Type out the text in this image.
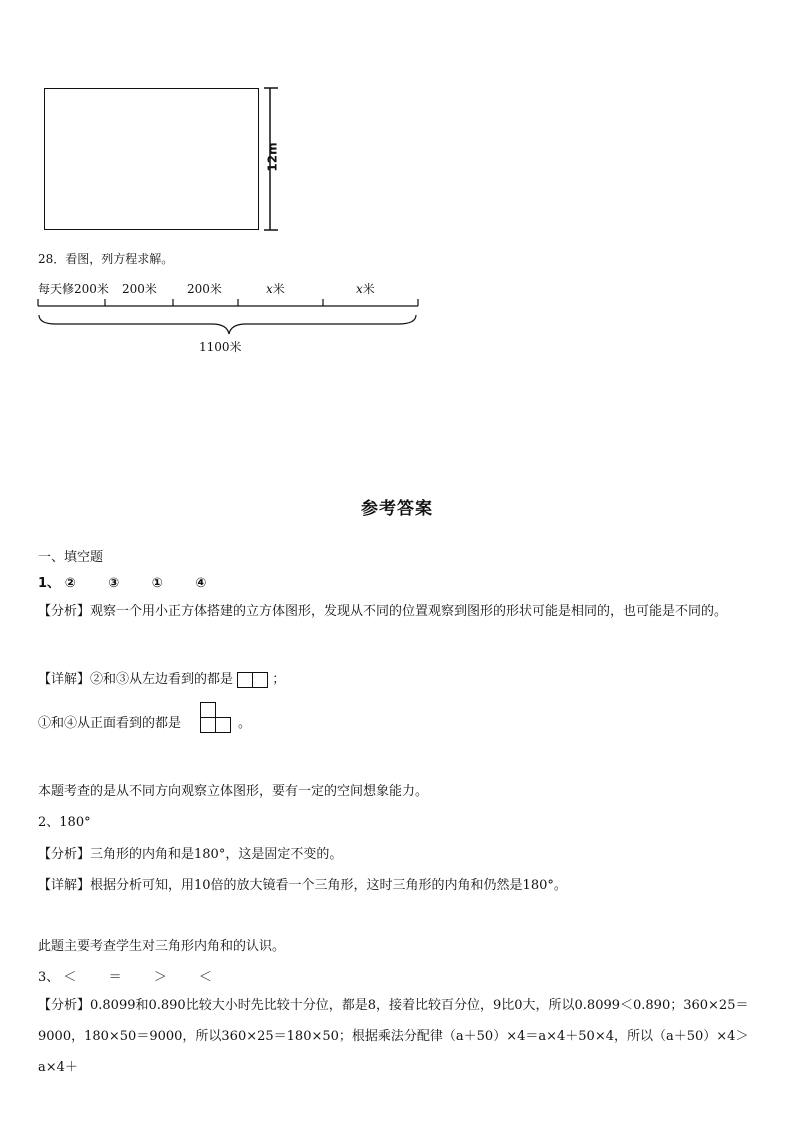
12m
28．看图，列方程求解。
每天修200米 200米	200米	x米	x米
1100米
参考答案
一、填空题
1、 ②	③	①	④
【分析】观察一个用小正方体搭建的立方体图形，发现从不同的位置观察到图形的形状可能是相同的，也可能是不同的。
【详解】②和③从左边看到的都是	；
①和④从正面看到的都是	。
本题考查的是从不同方向观察立体图形，要有一定的空间想象能力。
2、180°
【分析】三角形的内角和是180°，这是固定不变的。
【详解】根据分析可知，用10倍的放大镜看一个三角形，这时三角形的内角和仍然是180°。
此题主要考查学生对三角形内角和的认识。
3、 ＜ ＝ ＞ ＜
【分析】0.8099和0.890比较大小时先比较十分位，都是8，接着比较百分位，9比0大，所以0.8099＜0.890；360×25＝9000，180×50＝9000，所以360×25＝180×50；根据乘法分配律（a＋50）×4＝a×4＋50×4，所以（a＋50）×4＞a×4＋
